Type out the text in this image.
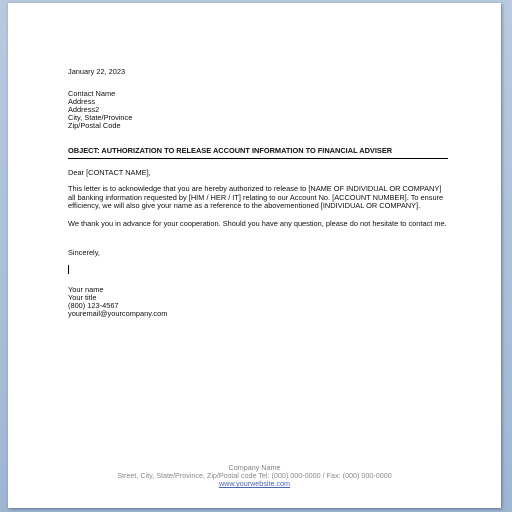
January 22, 2023
Contact Name
Address
Address2
City, State/Province
Zip/Postal Code
OBJECT: AUTHORIZATION TO RELEASE ACCOUNT INFORMATION TO FINANCIAL ADVISER
Dear [CONTACT NAME],
This letter is to acknowledge that you are hereby authorized to release to [NAME OF INDIVIDUAL OR COMPANY] all banking information requested by [HIM / HER / IT] relating to our Account No. [ACCOUNT NUMBER]. To ensure efficiency, we will also give your name as a reference to the abovementioned [INDIVIDUAL OR COMPANY].
We thank you in advance for your cooperation. Should you have any question, please do not hesitate to contact me.
Sincerely,
Your name
Your title
(800) 123-4567
youremail@yourcompany.com
Company Name
Street, City, State/Province, Zip/Postal code Tel: (000) 000-0000 / Fax: (000) 000-0000
www.yourwebsite.com
